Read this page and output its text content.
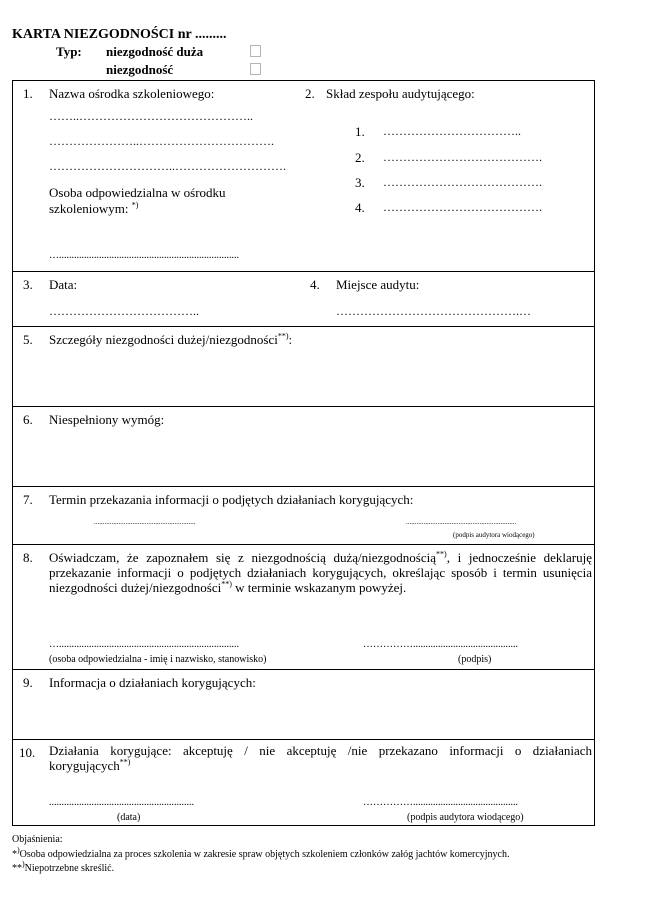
KARTA NIEZGODNOŚCI nr .........
Typ: niezgodność duża
niezgodność
1. Nazwa ośrodka szkoleniowego:
……..……………………………………..
…………………..…………………………….
…………………………..……………………….
Osoba odpowiedzialna w ośrodku
szkoleniowym: *)
…........................................................................
2. Skład zespołu audytującego:
1. ……………………………..
2. ………………………………….
3. ………………………………….
4. ………………………………….
3. Data:
………………………………..
4. Miejsce audytu:
……………………………………….…
5. Szczegóły niezgodności dużej/niezgodności**):
6. Niespełniony wymóg:
7. Termin przekazania informacji o podjętych działaniach korygujących:
..........................................................	...............................................................
(podpis audytora wiodącego)
8. Oświadczam, że zapoznałem się z niezgodnością dużą/niezgodnością**), i jednocześnie deklaruję przekazanie informacji o podjętych działaniach korygujących, określając sposób i termin usunięcia niezgodności dużej/niezgodności**) w terminie wskazanym powyżej.
…........................................................................
(osoba odpowiedzialna - imię i nazwisko, stanowisko)
……………..........................................
(podpis)
9. Informacja o działaniach korygujących:
10. Działania korygujące: akceptuję / nie akceptuję /nie przekazano informacji o działaniach korygujących**)
..........................................................
(data)
……………..........................................
(podpis audytora wiodącego)
Objaśnienia:
*)Osoba odpowiedzialna za proces szkolenia w zakresie spraw objętych szkoleniem członków załóg jachtów komercyjnych.
**)Niepotrzebne skreślić.
